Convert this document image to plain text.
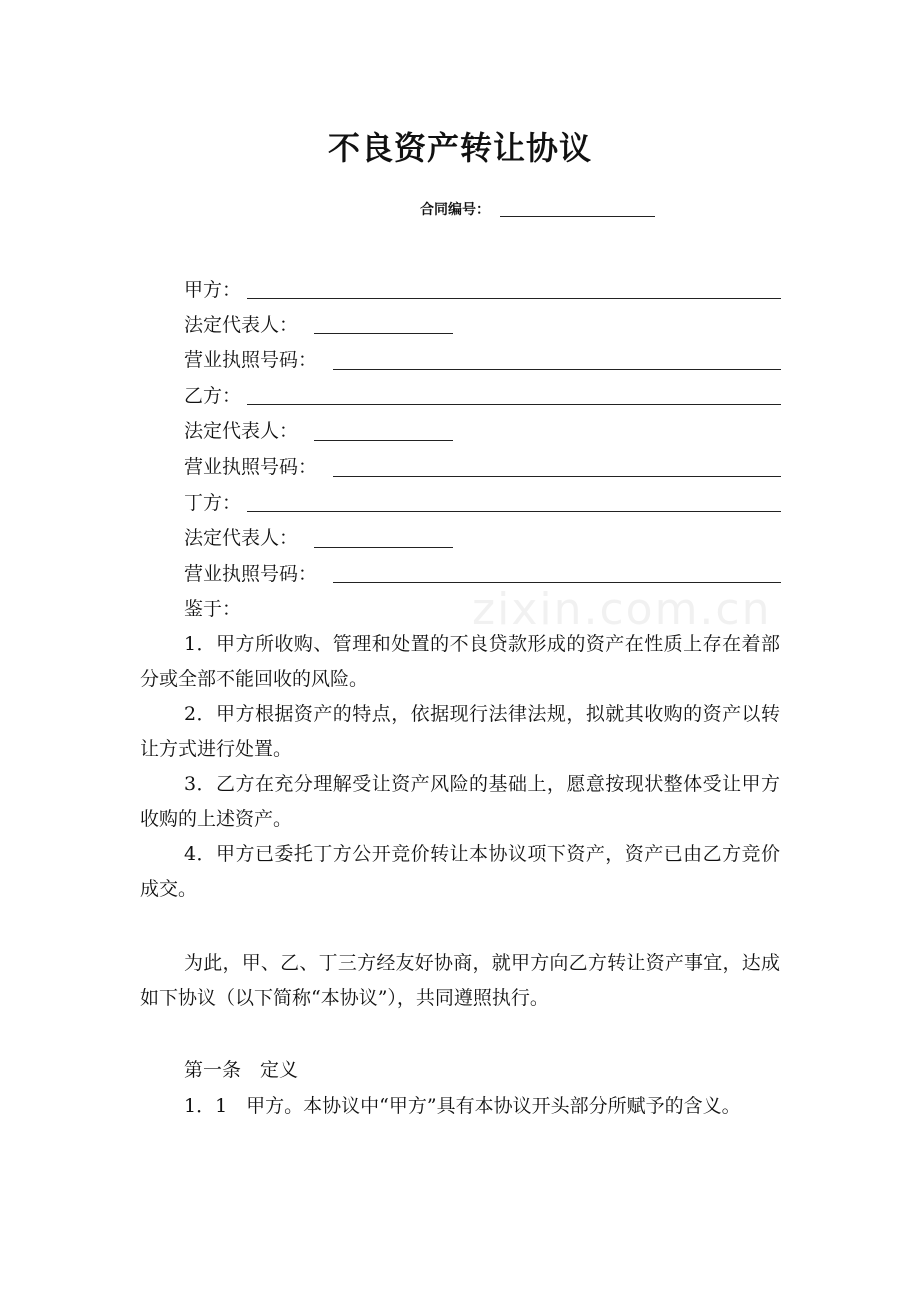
zixin.com.cn
不良资产转让协议
合同编号：
甲方：
法定代表人：
营业执照号码：
乙方：
法定代表人：
营业执照号码：
丁方：
法定代表人：
营业执照号码：
鉴于：
1．甲方所收购、管理和处置的不良贷款形成的资产在性质上存在着部分或全部不能回收的风险。
2．甲方根据资产的特点，依据现行法律法规，拟就其收购的资产以转让方式进行处置。
3．乙方在充分理解受让资产风险的基础上，愿意按现状整体受让甲方收购的上述资产。
4．甲方已委托丁方公开竞价转让本协议项下资产，资产已由乙方竞价成交。
为此，甲、乙、丁三方经友好协商，就甲方向乙方转让资产事宜，达成如下协议（以下简称“本协议”），共同遵照执行。
第一条　定义
1．1　甲方。本协议中“甲方”具有本协议开头部分所赋予的含义。
